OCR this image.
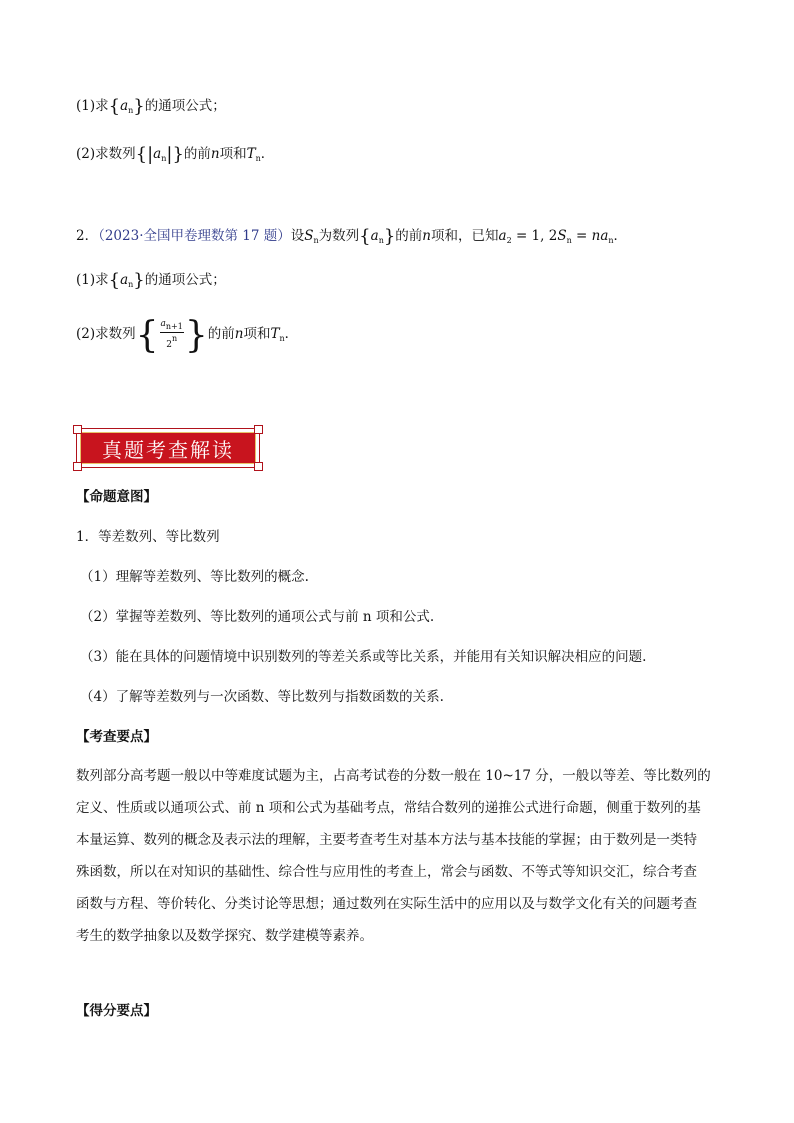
(1)求$\{a_n\}$的通项公式；
(2)求数列$\{|a_n|\}$的前n项和$T_n$．
2．（2023·全国甲卷理数第 17 题）设$S_n$为数列$\{a_n\}$的前n项和，已知$a_2 = 1$, $2S_n = na_n$．
(1)求$\{a_n\}$的通项公式；
(2)求数列{ $\frac{an+1}{2n}$ }的前n项和$T_n$．
真题考查解读
【命题意图】
1．等差数列、等比数列
（1）理解等差数列、等比数列的概念.
（2）掌握等差数列、等比数列的通项公式与前 n 项和公式.
（3）能在具体的问题情境中识别数列的等差关系或等比关系，并能用有关知识解决相应的问题.
（4）了解等差数列与一次函数、等比数列与指数函数的关系.
【考查要点】
数列部分高考题一般以中等难度试题为主，占高考试卷的分数一般在 10~17 分，一般以等差、等比数列的
定义、性质或以通项公式、前 n 项和公式为基础考点，常结合数列的递推公式进行命题，侧重于数列的基
本量运算、数列的概念及表示法的理解，主要考查考生对基本方法与基本技能的掌握；由于数列是一类特
殊函数，所以在对知识的基础性、综合性与应用性的考查上，常会与函数、不等式等知识交汇，综合考查
函数与方程、等价转化、分类讨论等思想；通过数列在实际生活中的应用以及与数学文化有关的问题考查
考生的数学抽象以及数学探究、数学建模等素养。
【得分要点】
